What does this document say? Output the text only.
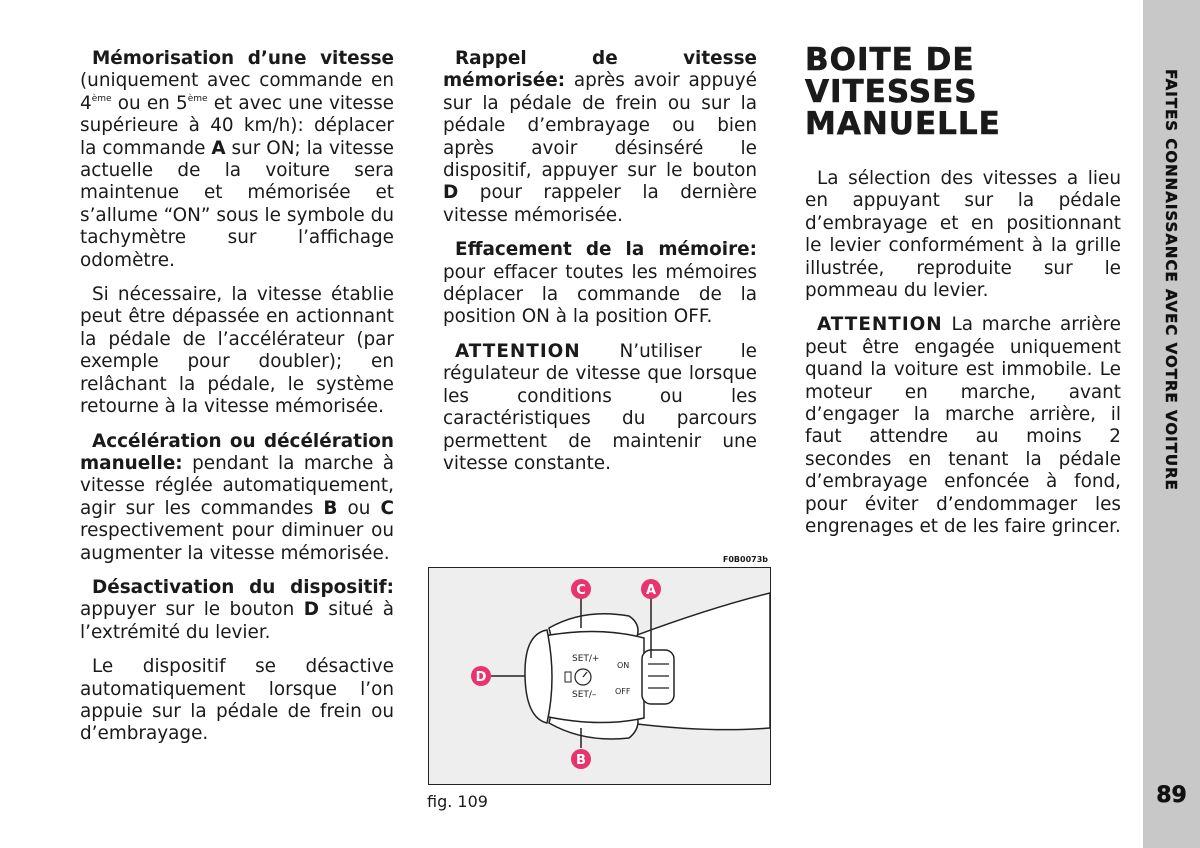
Mémorisation d’une vitesse (uniquement avec commande en 4ème ou en 5ème et avec une vitesse supérieure à 40 km/h): déplacer la commande A sur ON; la vitesse actuelle de la voiture sera maintenue et mémorisée et s’allume “ON” sous le symbole du tachymètre sur l’affichage odomètre.

Si nécessaire, la vitesse établie peut être dépassée en actionnant la pédale de l’accélérateur (par exemple pour doubler); en relâchant la pédale, le système retourne à la vitesse mémorisée.

Accélération ou décélération manuelle: pendant la marche à vitesse réglée automatiquement, agir sur les commandes B ou C respectivement pour diminuer ou augmenter la vitesse mémorisée.

Désactivation du dispositif: appuyer sur le bouton D situé à l’extrémité du levier.

Le dispositif se désactive automatiquement lorsque l’on appuie sur la pédale de frein ou d’embrayage.

Rappel de vitesse mémorisée: après avoir appuyé sur la pédale de frein ou sur la pédale d’embrayage ou bien après avoir désinséré le dispositif, appuyer sur le bouton D pour rappeler la dernière vitesse mémorisée.

Effacement de la mémoire: pour effacer toutes les mémoires déplacer la commande de la position ON à la position OFF.

ATTENTION N’utiliser le régulateur de vitesse que lorsque les conditions ou les caractéristiques du parcours permettent de maintenir une vitesse constante.

BOITE DE VITESSES
MANUELLE

La sélection des vitesses a lieu en appuyant sur la pédale d’embrayage et en positionnant le levier conformément à la grille illustrée, reproduite sur le pommeau du levier.

ATTENTION La marche arrière peut être engagée uniquement quand la voiture est immobile. Le moteur en marche, avant d’engager la marche arrière, il faut attendre au moins 2 secondes en tenant la pédale d’embrayage enfoncée à fond, pour éviter d’endommager les engrenages et de les faire grincer.

F0B0073b
SET/+
SET/–
ON
OFF
C	A
D
B
fig. 109
FAITES CONNAISSANCE AVEC VOTRE VOITURE
89
